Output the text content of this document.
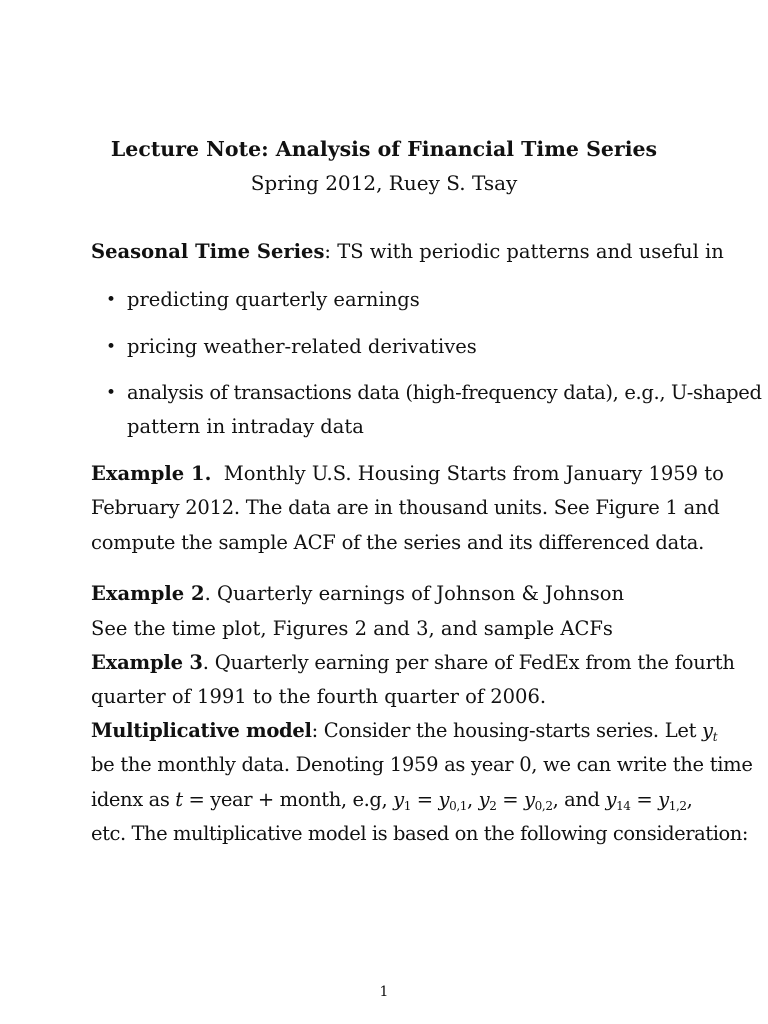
Lecture Note: Analysis of Financial Time Series
Spring 2012, Ruey S. Tsay
Seasonal Time Series: TS with periodic patterns and useful in
• predicting quarterly earnings
• pricing weather-related derivatives
• analysis of transactions data (high-frequency data), e.g., U-shaped
pattern in intraday data
Example 1. Monthly U.S. Housing Starts from January 1959 to
February 2012. The data are in thousand units. See Figure 1 and
compute the sample ACF of the series and its differenced data.
Example 2. Quarterly earnings of Johnson & Johnson
See the time plot, Figures 2 and 3, and sample ACFs
Example 3. Quarterly earning per share of FedEx from the fourth
quarter of 1991 to the fourth quarter of 2006.
Multiplicative model: Consider the housing-starts series. Let $y_t$
be the monthly data. Denoting 1959 as year 0, we can write the time
idenx as t = year + month, e.g, $y_1 = y_{0,1}$, $y_2 = y_{0,2}$, and $y_{14} = y_{1,2}$,
etc. The multiplicative model is based on the following consideration:
1
